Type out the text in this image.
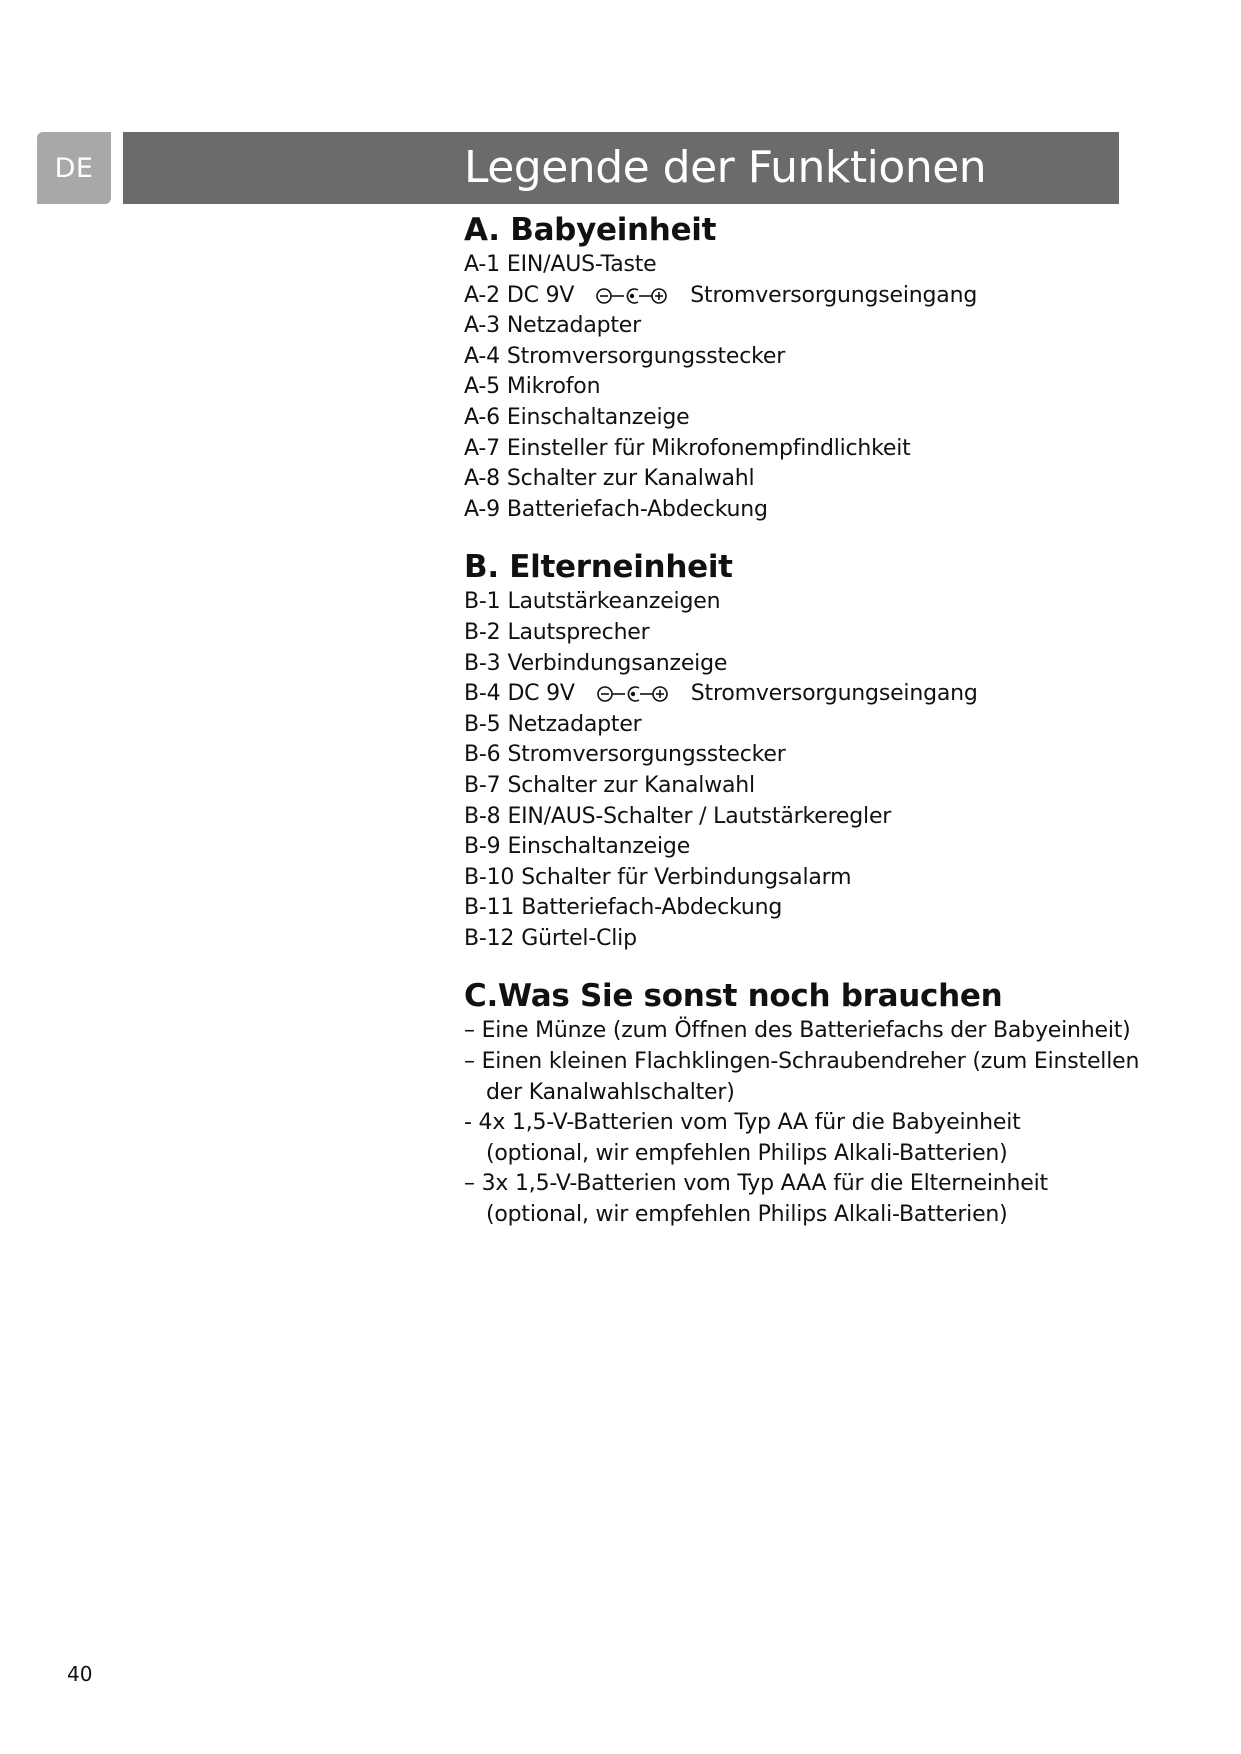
DE	Legende der Funktionen
A. Babyeinheit
A-1 EIN/AUS-Taste
A-2 DC 9V	Stromversorgungseingang
A-3 Netzadapter
A-4 Stromversorgungsstecker
A-5 Mikrofon
A-6 Einschaltanzeige
A-7 Einsteller für Mikrofonempfindlichkeit
A-8 Schalter zur Kanalwahl
A-9 Batteriefach-Abdeckung
B. Elterneinheit
B-1 Lautstärkeanzeigen
B-2 Lautsprecher
B-3 Verbindungsanzeige
B-4 DC 9V	Stromversorgungseingang
B-5 Netzadapter
B-6 Stromversorgungsstecker
B-7 Schalter zur Kanalwahl
B-8 EIN/AUS-Schalter / Lautstärkeregler
B-9 Einschaltanzeige
B-10 Schalter für Verbindungsalarm
B-11 Batteriefach-Abdeckung
B-12 Gürtel-Clip
C.Was Sie sonst noch brauchen
– Eine Münze (zum Öffnen des Batteriefachs der Babyeinheit)
– Einen kleinen Flachklingen-Schraubendreher (zum Einstellen
der Kanalwahlschalter)
- 4x 1,5-V-Batterien vom Typ AA für die Babyeinheit
(optional, wir empfehlen Philips Alkali-Batterien)
– 3x 1,5-V-Batterien vom Typ AAA für die Elterneinheit
(optional, wir empfehlen Philips Alkali-Batterien)
40
